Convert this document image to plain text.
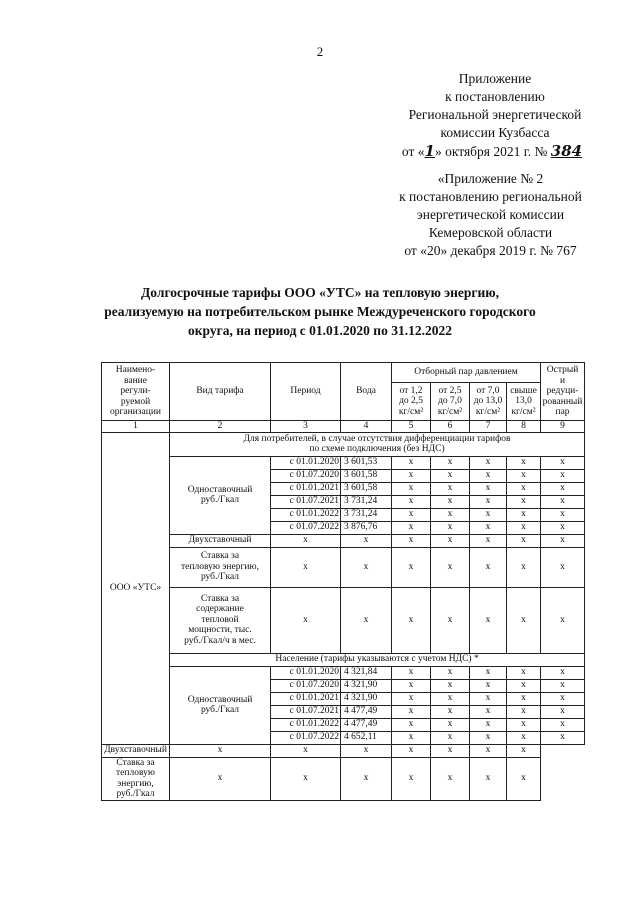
2
Приложение
к постановлению
Региональной энергетической
комиссии Кузбасса
от «1» октября 2021 г. № 384
«Приложение № 2
к постановлению региональной
энергетической комиссии
Кемеровской области
от «20» декабря 2019 г. № 767
Долгосрочные тарифы ООО «УТС» на тепловую энергию,
реализуемую на потребительском рынке Междуреченского городского
округа, на период с 01.01.2020 по 31.12.2022
Наимено-
вание
регули-
руемой
организации	Вид тарифа	Период	Вода	Отборный пар давлением				Острый
и
редуци-
рованный
пар
				от 1,2
до 2,5
кг/см²	от 2,5
до 7,0
кг/см²	от 7,0
до 13,0
кг/см²	свыше
13,0
кг/см²	
1	2	3	4	5	6	7	8	9
ООО «УТС»	Для потребителей, в случае отсутствия дифференциации тарифов
по схеме подключения (без НДС)							
	Одноставочный
руб./Гкал	с 01.01.2020	3 601,53	х	х	х	х	х
		с 01.07.2020	3 601,58	х	х	х	х	х
		с 01.01.2021	3 601,58	х	х	х	х	х
		с 01.07.2021	3 731,24	х	х	х	х	х
		с 01.01.2022	3 731,24	х	х	х	х	х
		с 01.07.2022	3 876,76	х	х	х	х	х
	Двухставочный	х	х	х	х	х	х	х
	Ставка за
тепловую энергию,
руб./Гкал	х	х	х	х	х	х	х
	Ставка за
содержание
тепловой
мощности, тыс.
руб./Гкал/ч в мес.	х	х	х	х	х	х	х
	Население (тарифы указываются с учетом НДС) *							
	Одноставочный
руб./Гкал	с 01.01.2020	4 321,84	х	х	х	х	х
		с 01.07.2020	4 321,90	х	х	х	х	х
		с 01.01.2021	4 321,90	х	х	х	х	х
		с 01.07.2021	4 477,49	х	х	х	х	х
		с 01.01.2022	4 477,49	х	х	х	х	х
		с 01.07.2022	4 652,11	х	х	х	х	х
Двухставочный	х	х	х	х	х	х	х	
Ставка за
тепловую энергию,
руб./Гкал	х	х	х	х	х	х	х	
